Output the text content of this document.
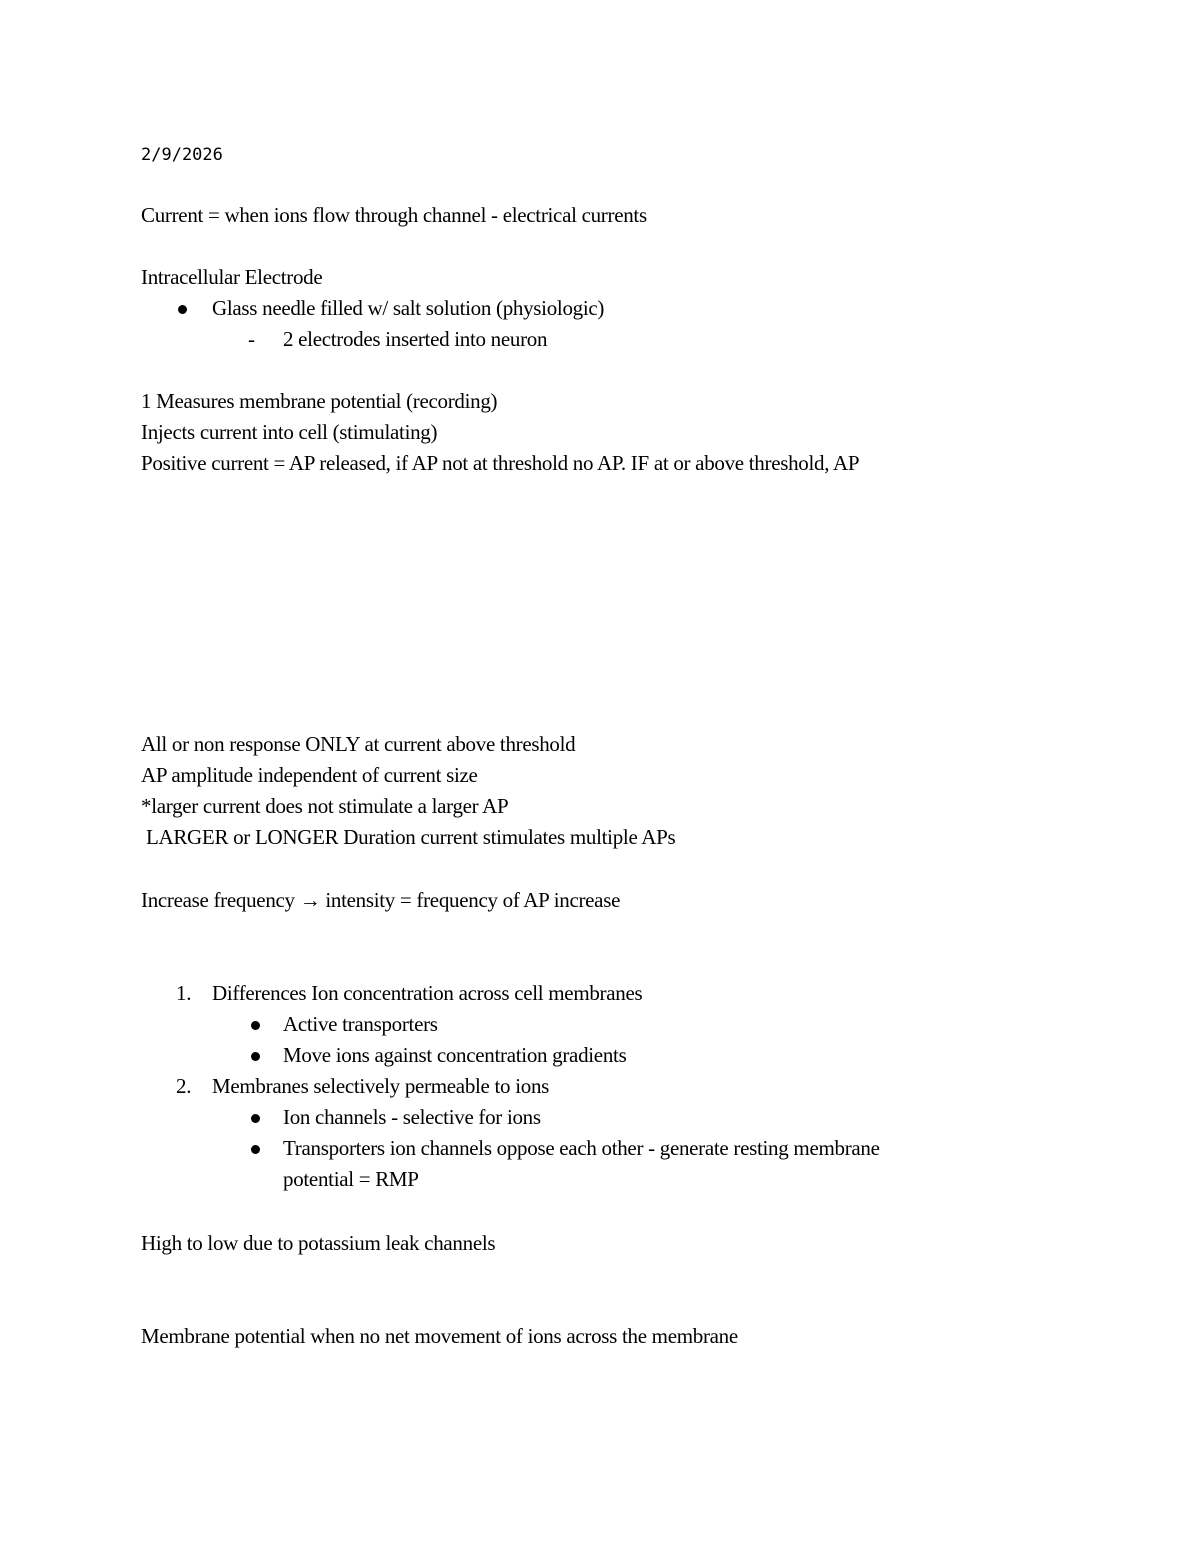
2/9/2026
Current = when ions flow through channel - electrical currents
Intracellular Electrode
Glass needle filled w/ salt solution (physiologic)
- 2 electrodes inserted into neuron
1 Measures membrane potential (recording)
Injects current into cell (stimulating)
Positive current = AP released, if AP not at threshold no AP. IF at or above threshold, AP
All or non response ONLY at current above threshold
AP amplitude independent of current size
*larger current does not stimulate a larger AP
LARGER or LONGER Duration current stimulates multiple APs
Increase frequency → intensity = frequency of AP increase
1. Differences Ion concentration across cell membranes
Active transporters
Move ions against concentration gradients
2. Membranes selectively permeable to ions
Ion channels - selective for ions
Transporters ion channels oppose each other - generate resting membrane
potential = RMP
High to low due to potassium leak channels
Membrane potential when no net movement of ions across the membrane
